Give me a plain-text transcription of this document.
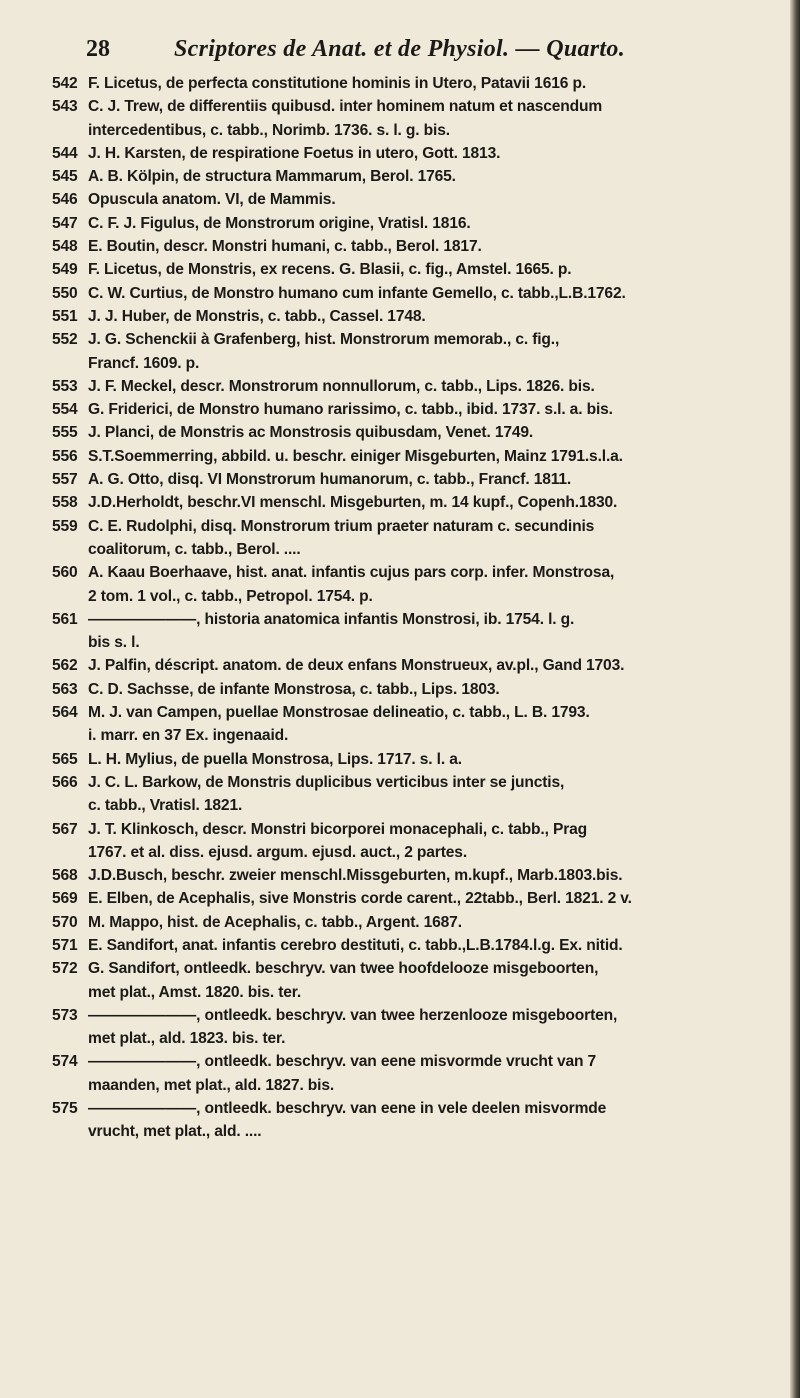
28	Scriptores de Anat. et de Physiol. — Quarto.
542 F. Licetus, de perfecta constitutione hominis in Utero, Patavii 1616 p.
543 C. J. Trew, de differentiis quibusd. inter hominem natum et nascendum
intercedentibus, c. tabb., Norimb. 1736. s. l. g. bis.
544 J. H. Karsten, de respiratione Foetus in utero, Gott. 1813.
545 A. B. Kölpin, de structura Mammarum, Berol. 1765.
546 Opuscula anatom. VI, de Mammis.
547 C. F. J. Figulus, de Monstrorum origine, Vratisl. 1816.
548 E. Boutin, descr. Monstri humani, c. tabb., Berol. 1817.
549 F. Licetus, de Monstris, ex recens. G. Blasii, c. fig., Amstel. 1665. p.
550 C. W. Curtius, de Monstro humano cum infante Gemello, c. tabb.,L.B.1762.
551 J. J. Huber, de Monstris, c. tabb., Cassel. 1748.
552 J. G. Schenckii à Grafenberg, hist. Monstrorum memorab., c. fig.,
Francf. 1609. p.
553 J. F. Meckel, descr. Monstrorum nonnullorum, c. tabb., Lips. 1826. bis.
554 G. Friderici, de Monstro humano rarissimo, c. tabb., ibid. 1737. s.l. a. bis.
555 J. Planci, de Monstris ac Monstrosis quibusdam, Venet. 1749.
556 S.T.Soemmerring, abbild. u. beschr. einiger Misgeburten, Mainz 1791.s.l.a.
557 A. G. Otto, disq. VI Monstrorum humanorum, c. tabb., Francf. 1811.
558 J.D.Herholdt, beschr.VI menschl. Misgeburten, m. 14 kupf., Copenh.1830.
559 C. E. Rudolphi, disq. Monstrorum trium praeter naturam c. secundinis
coalitorum, c. tabb., Berol. ....
560 A. Kaau Boerhaave, hist. anat. infantis cujus pars corp. infer. Monstrosa,
2 tom. 1 vol., c. tabb., Petropol. 1754. p.
561 ———————, historia anatomica infantis Monstrosi, ib. 1754. l. g.
bis s. l.
562 J. Palfin, déscript. anatom. de deux enfans Monstrueux, av.pl., Gand 1703.
563 C. D. Sachsse, de infante Monstrosa, c. tabb., Lips. 1803.
564 M. J. van Campen, puellae Monstrosae delineatio, c. tabb., L. B. 1793.
i. marr. en 37 Ex. ingenaaid.
565 L. H. Mylius, de puella Monstrosa, Lips. 1717. s. l. a.
566 J. C. L. Barkow, de Monstris duplicibus verticibus inter se junctis,
c. tabb., Vratisl. 1821.
567 J. T. Klinkosch, descr. Monstri bicorporei monacephali, c. tabb., Prag
1767. et al. diss. ejusd. argum. ejusd. auct., 2 partes.
568 J.D.Busch, beschr. zweier menschl.Missgeburten, m.kupf., Marb.1803.bis.
569 E. Elben, de Acephalis, sive Monstris corde carent., 22tabb., Berl. 1821. 2 v.
570 M. Mappo, hist. de Acephalis, c. tabb., Argent. 1687.
571 E. Sandifort, anat. infantis cerebro destituti, c. tabb.,L.B.1784.l.g. Ex. nitid.
572 G. Sandifort, ontleedk. beschryv. van twee hoofdelooze misgeboorten,
met plat., Amst. 1820. bis. ter.
573 ———————, ontleedk. beschryv. van twee herzenlooze misgeboorten,
met plat., ald. 1823. bis. ter.
574 ———————, ontleedk. beschryv. van eene misvormde vrucht van 7
maanden, met plat., ald. 1827. bis.
575 ———————, ontleedk. beschryv. van eene in vele deelen misvormde
vrucht, met plat., ald. ....
